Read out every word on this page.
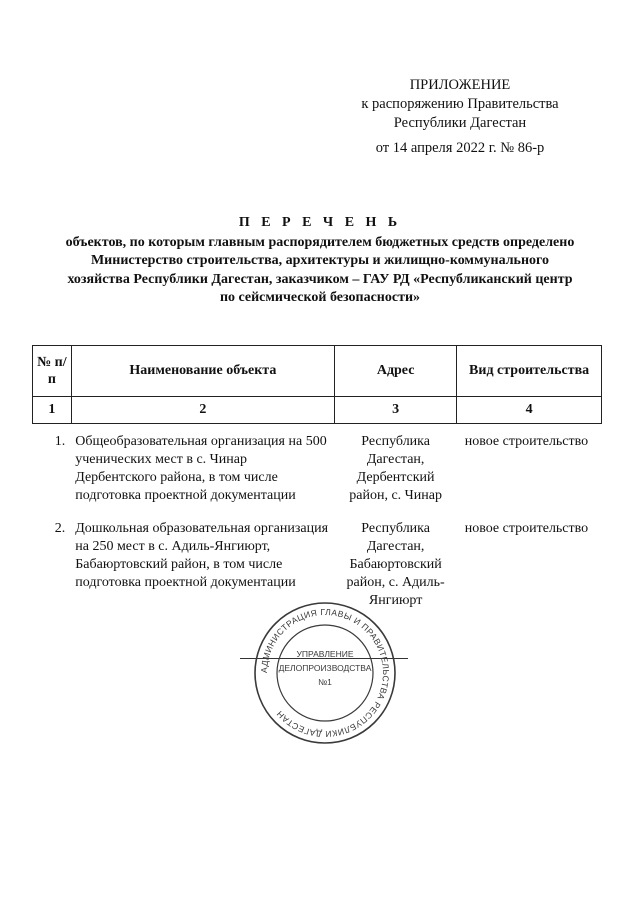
ПРИЛОЖЕНИЕ
к распоряжению Правительства
Республики Дагестан
от 14 апреля 2022 г. № 86-р
П Е Р Е Ч Е Н Ь
объектов, по которым главным распорядителем бюджетных средств определено Министерство строительства, архитектуры и жилищно-коммунального хозяйства Республики Дагестан, заказчиком – ГАУ РД «Республиканский центр по сейсмической безопасности»
№ п/п	Наименование объекта	Адрес	Вид строительства
1	2	3	4
1.	Общеобразовательная организация на 500 ученических мест в с. Чинар Дербентского района, в том числе подготовка проектной документации	Республика Дагестан, Дербентский район, с. Чинар	новое строительство
2.	Дошкольная образовательная организация на 250 мест в с. Адиль-Янгиюрт, Бабаюртовский район, в том числе подготовка проектной документации	Республика Дагестан, Бабаюртовский район, с. Адиль-Янгиюрт	новое строительство
АДМИНИСТРАЦИЯ ГЛАВЫ И ПРАВИТЕЛЬСТВА РЕСПУБЛИКИ ДАГЕСТАН
УПРАВЛЕНИЕ
ДЕЛОПРОИЗВОДСТВА
№1
